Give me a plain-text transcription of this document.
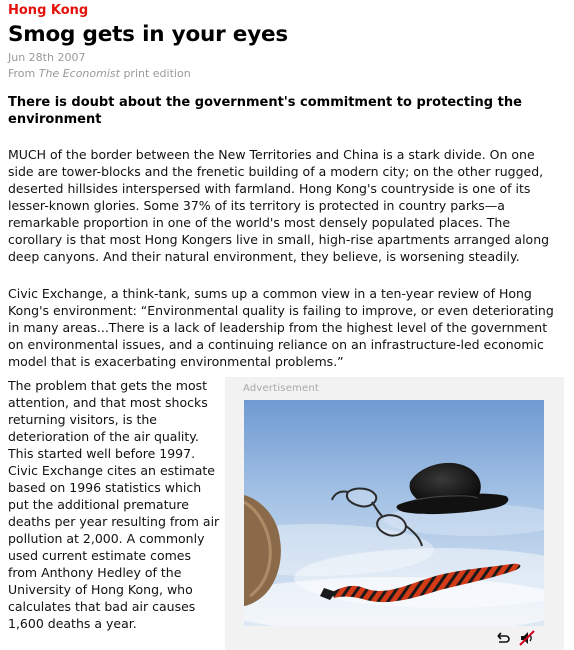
Hong Kong
Smog gets in your eyes
Jun 28th 2007
From The Economist print edition

There is doubt about the government's commitment to protecting the environment

MUCH of the border between the New Territories and China is a stark divide. On one side are tower-blocks and the frenetic building of a modern city; on the other rugged, deserted hillsides interspersed with farmland. Hong Kong's countryside is one of its lesser-known glories. Some 37% of its territory is protected in country parks—a remarkable proportion in one of the world's most densely populated places. The corollary is that most Hong Kongers live in small, high-rise apartments arranged along deep canyons. And their natural environment, they believe, is worsening steadily.

Civic Exchange, a think-tank, sums up a common view in a ten-year review of Hong Kong's environment: “Environmental quality is failing to improve, or even deteriorating in many areas...There is a lack of leadership from the highest level of the government on environmental issues, and a continuing reliance on an infrastructure-led economic model that is exacerbating environmental problems.”

The problem that gets the most attention, and that most shocks returning visitors, is the deterioration of the air quality. This started well before 1997. Civic Exchange cites an estimate based on 1996 statistics which put the additional premature deaths per year resulting from air pollution at 2,000. A commonly used current estimate comes from Anthony Hedley of the University of Hong Kong, who calculates that bad air causes 1,600 deaths a year.

Advertisement
